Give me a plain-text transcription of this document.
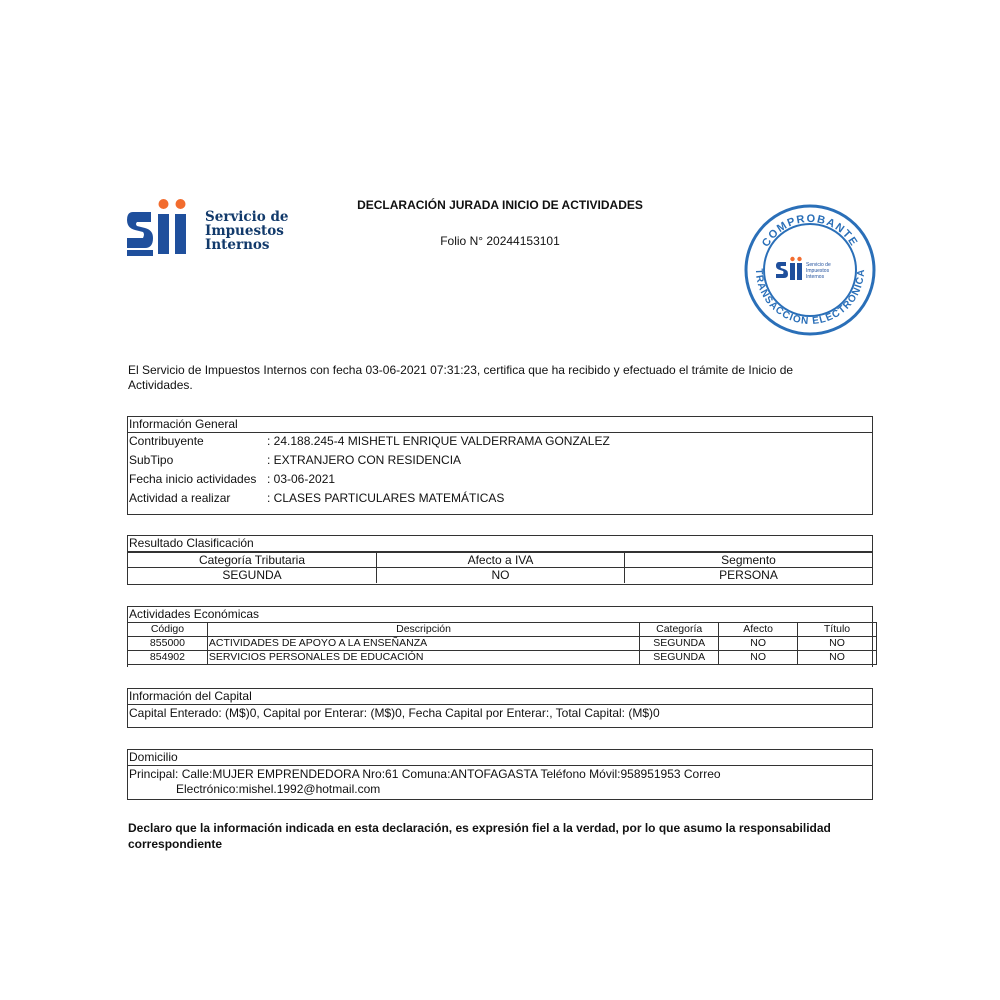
Servicio de
Impuestos
Internos
DECLARACIÓN JURADA INICIO DE ACTIVIDADES
Folio N° 20244153101	COMPROBANTE
TRANSACCIÓN ELECTRÓNICA
Servicio de
Impuestos
Internos
El Servicio de Impuestos Internos con fecha 03-06-2021 07:31:23, certifica que ha recibido y efectuado el trámite de Inicio de Actividades.
Información General
Contribuyente	: 24.188.245-4 MISHETL ENRIQUE VALDERRAMA GONZALEZ
SubTipo	: EXTRANJERO CON RESIDENCIA
Fecha inicio actividades : 03-06-2021
Actividad a realizar	: CLASES PARTICULARES MATEMÁTICAS
Resultado Clasificación
Categoría Tributaria	Afecto a IVA	Segmento
SEGUNDA	NO	PERSONA
Actividades Económicas
Código	Descripción	Categoría	Afecto	Título
855000	ACTIVIDADES DE APOYO A LA ENSEÑANZA	SEGUNDA	NO	NO
854902	SERVICIOS PERSONALES DE EDUCACIÓN	SEGUNDA	NO	NO
Información del Capital
Capital Enterado: (M$)0, Capital por Enterar: (M$)0, Fecha Capital por Enterar:, Total Capital: (M$)0
Domicilio
Principal: Calle:MUJER EMPRENDEDORA Nro:61 Comuna:ANTOFAGASTA Teléfono Móvil:958951953 Correo
Electrónico:mishel.1992@hotmail.com
Declaro que la información indicada en esta declaración, es expresión fiel a la verdad, por lo que asumo la responsabilidad correspondiente
